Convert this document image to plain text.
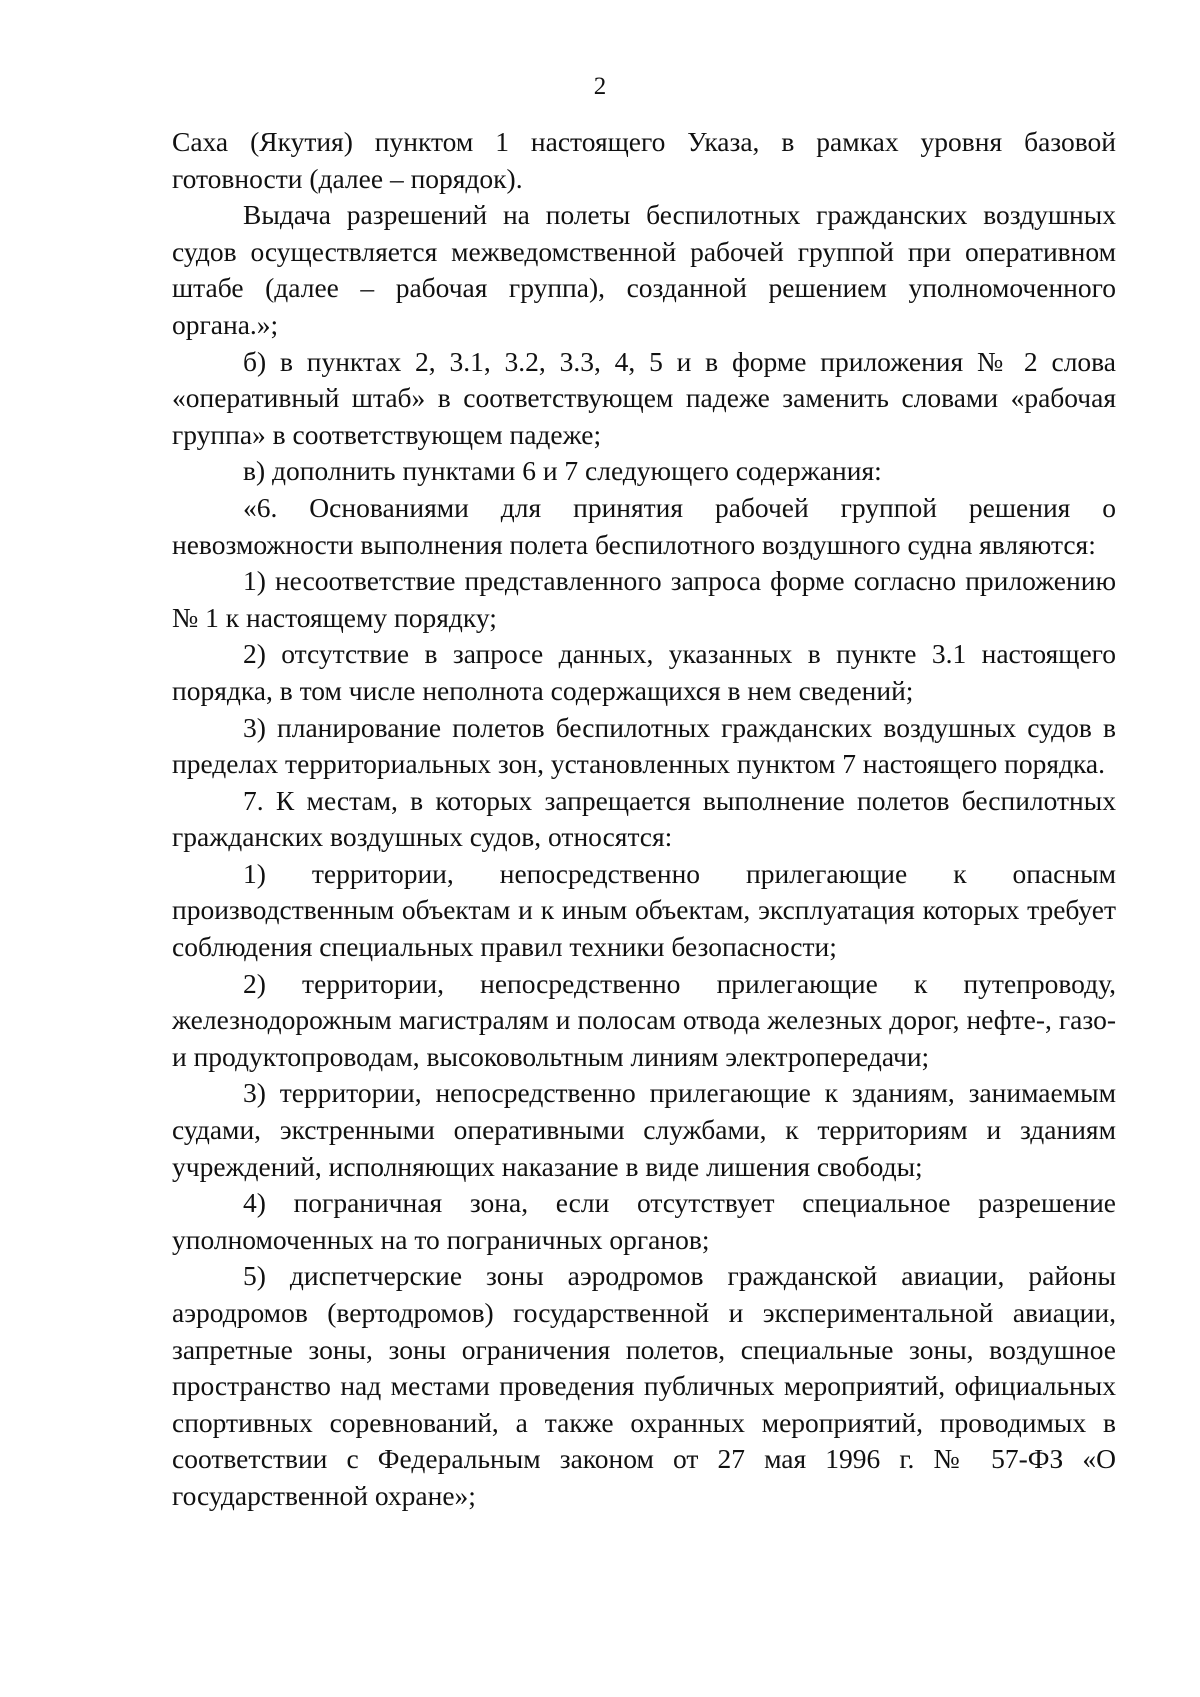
2

Саха (Якутия) пунктом 1 настоящего Указа, в рамках уровня базовой готовности (далее – порядок).

Выдача разрешений на полеты беспилотных гражданских воздушных судов осуществляется межведомственной рабочей группой при оперативном штабе (далее – рабочая группа), созданной решением уполномоченного органа.»;

б) в пунктах 2, 3.1, 3.2, 3.3, 4, 5 и в форме приложения № 2 слова «оперативный штаб» в соответствующем падеже заменить словами «рабочая группа» в соответствующем падеже;

в) дополнить пунктами 6 и 7 следующего содержания:

«6. Основаниями для принятия рабочей группой решения о невозможности выполнения полета беспилотного воздушного судна являются:

1) несоответствие представленного запроса форме согласно приложению № 1 к настоящему порядку;

2) отсутствие в запросе данных, указанных в пункте 3.1 настоящего порядка, в том числе неполнота содержащихся в нем сведений;

3) планирование полетов беспилотных гражданских воздушных судов в пределах территориальных зон, установленных пунктом 7 настоящего порядка.

7. К местам, в которых запрещается выполнение полетов беспилотных гражданских воздушных судов, относятся:

1) территории, непосредственно прилегающие к опасным производственным объектам и к иным объектам, эксплуатация которых требует соблюдения специальных правил техники безопасности;

2) территории, непосредственно прилегающие к путепроводу, железнодорожным магистралям и полосам отвода железных дорог, нефте-, газо- и продуктопроводам, высоковольтным линиям электропередачи;

3) территории, непосредственно прилегающие к зданиям, занимаемым судами, экстренными оперативными службами, к территориям и зданиям учреждений, исполняющих наказание в виде лишения свободы;

4) пограничная зона, если отсутствует специальное разрешение уполномоченных на то пограничных органов;

5) диспетчерские зоны аэродромов гражданской авиации, районы аэродромов (вертодромов) государственной и экспериментальной авиации, запретные зоны, зоны ограничения полетов, специальные зоны, воздушное пространство над местами проведения публичных мероприятий, официальных спортивных соревнований, а также охранных мероприятий, проводимых в соответствии с Федеральным законом от 27 мая 1996 г. № 57-ФЗ «О государственной охране»;
